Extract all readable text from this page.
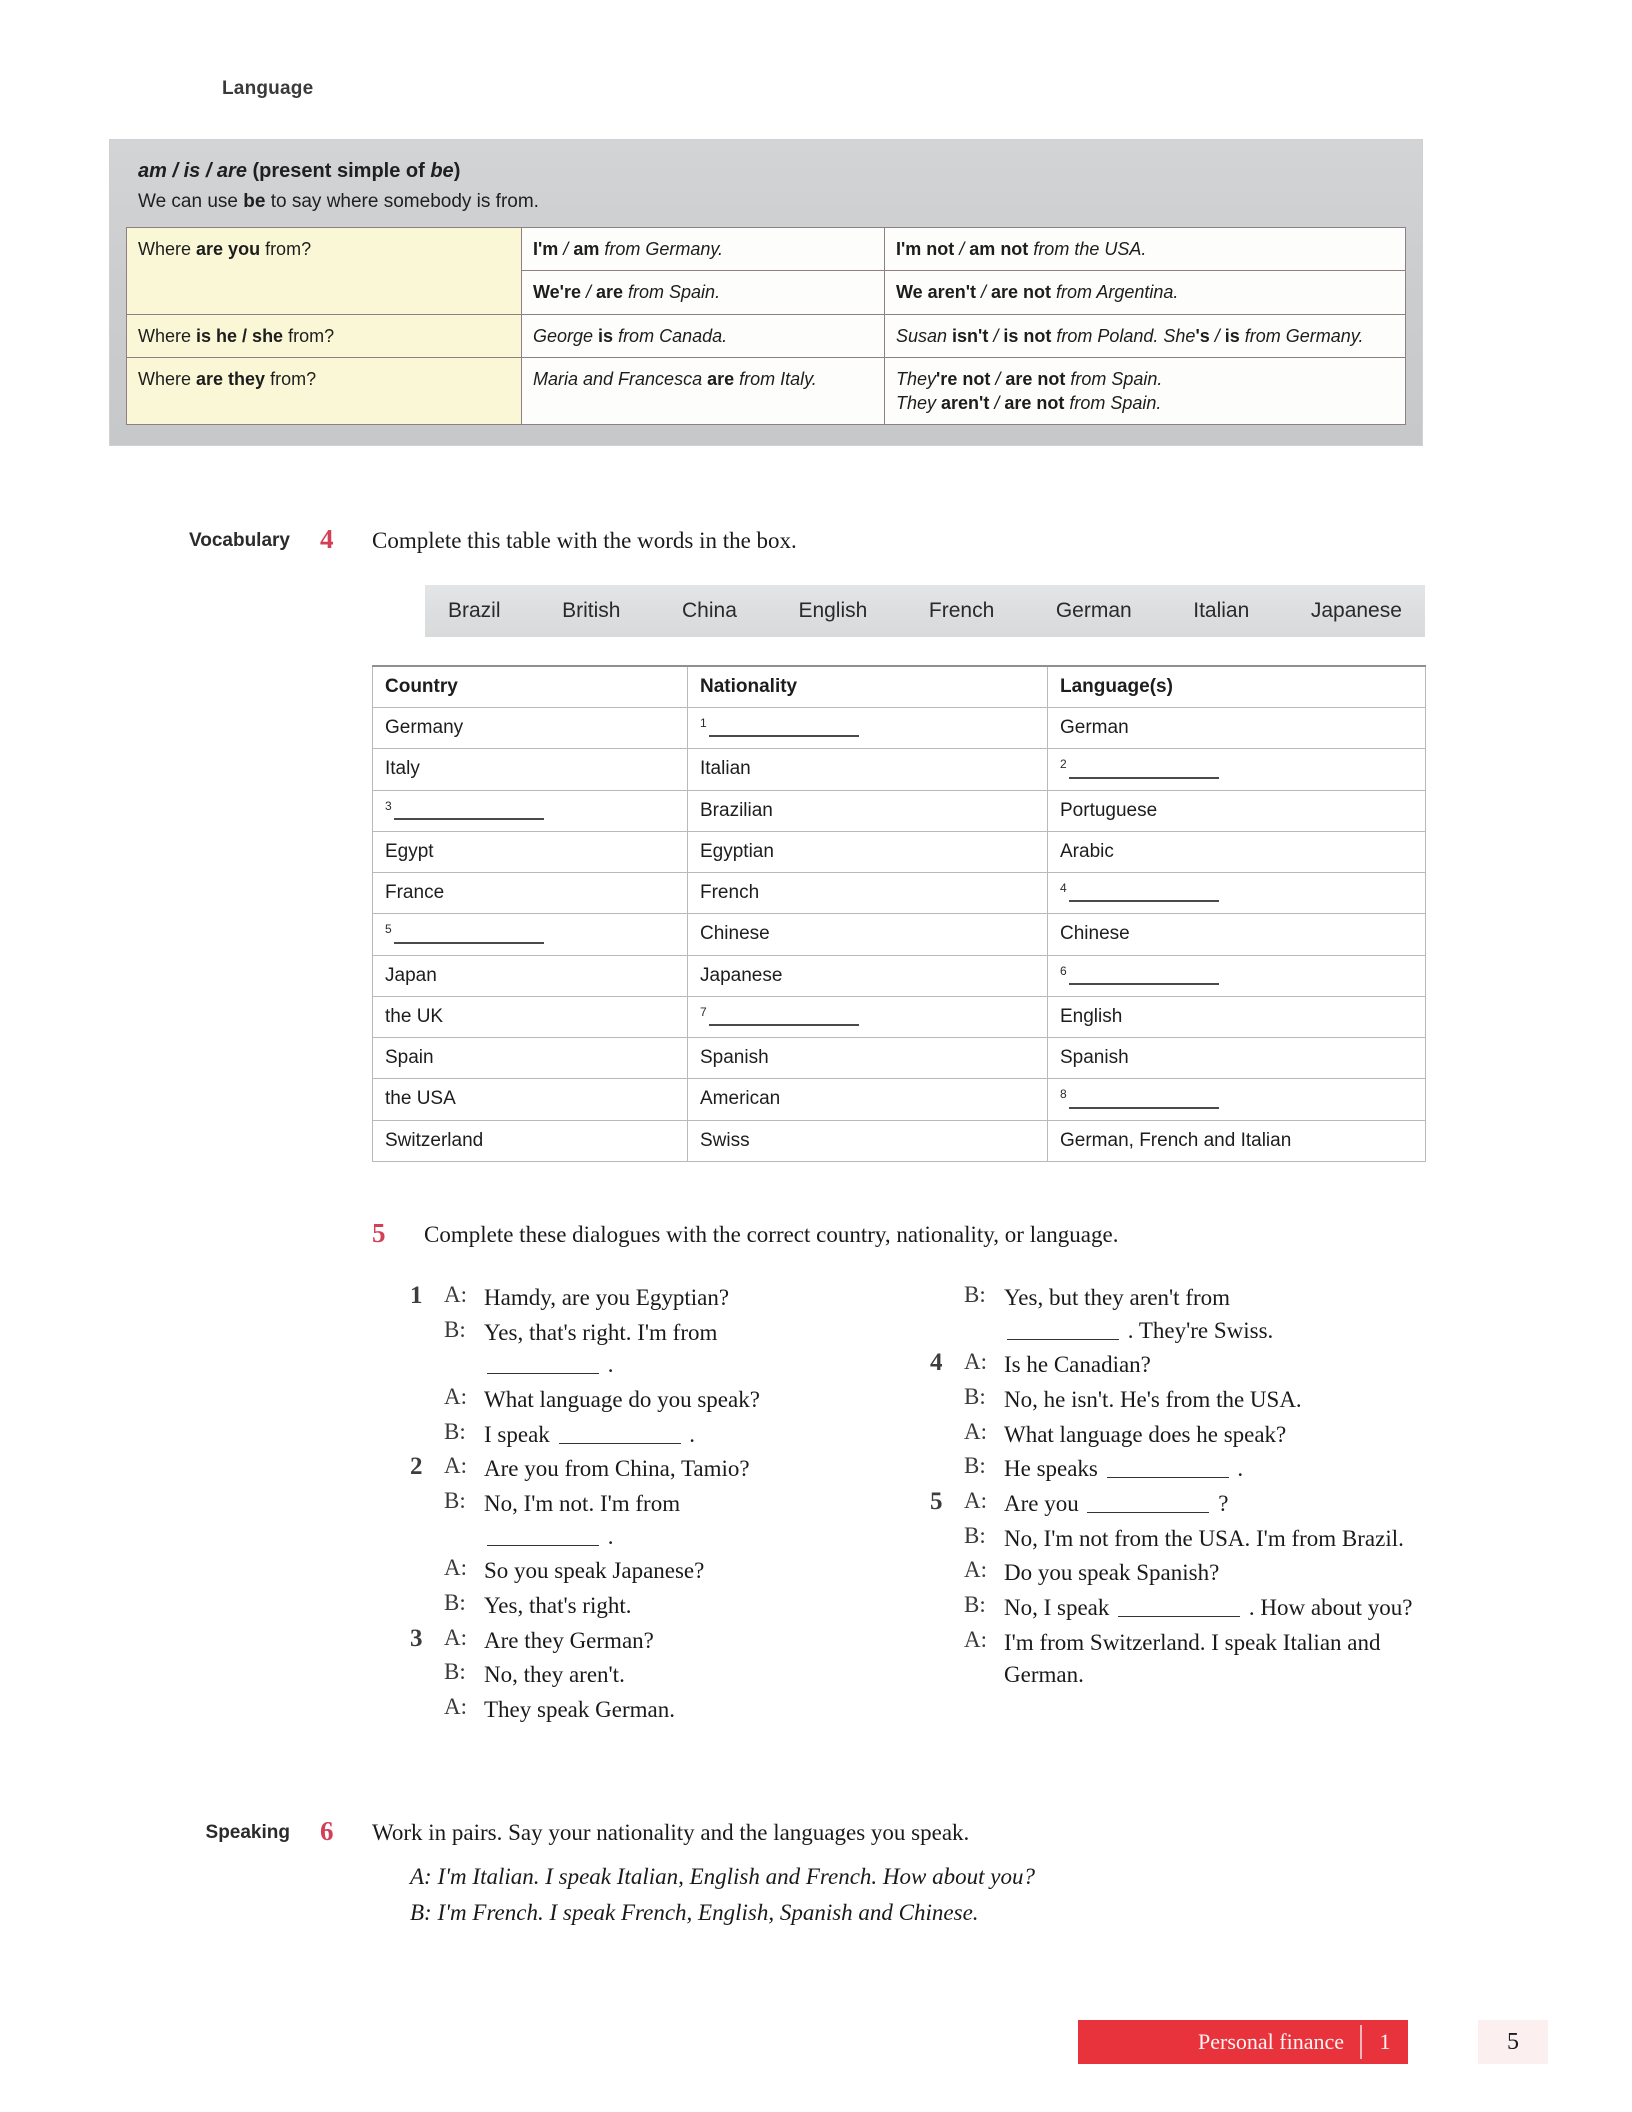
Language
am / is / are (present simple of be)
We can use be to say where somebody is from.
Where are you from?	I'm / am from Germany.	I'm not / am not from the USA.
	We're / are from Spain.	We aren't / are not from Argentina.
Where is he / she from?	George is from Canada.	Susan isn't / is not from Poland. She's / is from Germany.
Where are they from?	Maria and Francesca are from Italy.	They're not / are not from Spain.
They aren't / are not from Spain.
Vocabulary 4 Complete this table with the words in the box.
Brazil	British	China	English	French	German	Italian	Japanese
Country	Nationality	Language(s)
Germany	$^1$	German
Italy	Italian	$^2$
$^3$	Brazilian	Portuguese
Egypt	Egyptian	Arabic
France	French	$^4$
$^5$	Chinese	Chinese
Japan	Japanese	$^6$
the UK	$^7$	English
Spain	Spanish	Spanish
the USA	American	$^8$
Switzerland	Swiss	German, French and Italian
5 Complete these dialogues with the correct country, nationality, or language.
1 A: Hamdy, are you Egyptian?
B: Yes, that's right. I'm from
.
A: What language do you speak?
B: I speak	.
2 A: Are you from China, Tamio?
B: No, I'm not. I'm from
.
A: So you speak Japanese?
B: Yes, that's right.
3 A: Are they German?
B: No, they aren't.
A: They speak German.
B: Yes, but they aren't from
. They're Swiss.
4 A: Is he Canadian?
B: No, he isn't. He's from the USA.
A: What language does he speak?
B: He speaks	.
5 A: Are you	?
B: No, I'm not from the USA. I'm from Brazil.
A: Do you speak Spanish?
B: No, I speak	. How about you?
A: I'm from Switzerland. I speak Italian and German.
Speaking 6 Work in pairs. Say your nationality and the languages you speak.
A: I'm Italian. I speak Italian, English and French. How about you?
B: I'm French. I speak French, English, Spanish and Chinese.
Personal finance	1	5
